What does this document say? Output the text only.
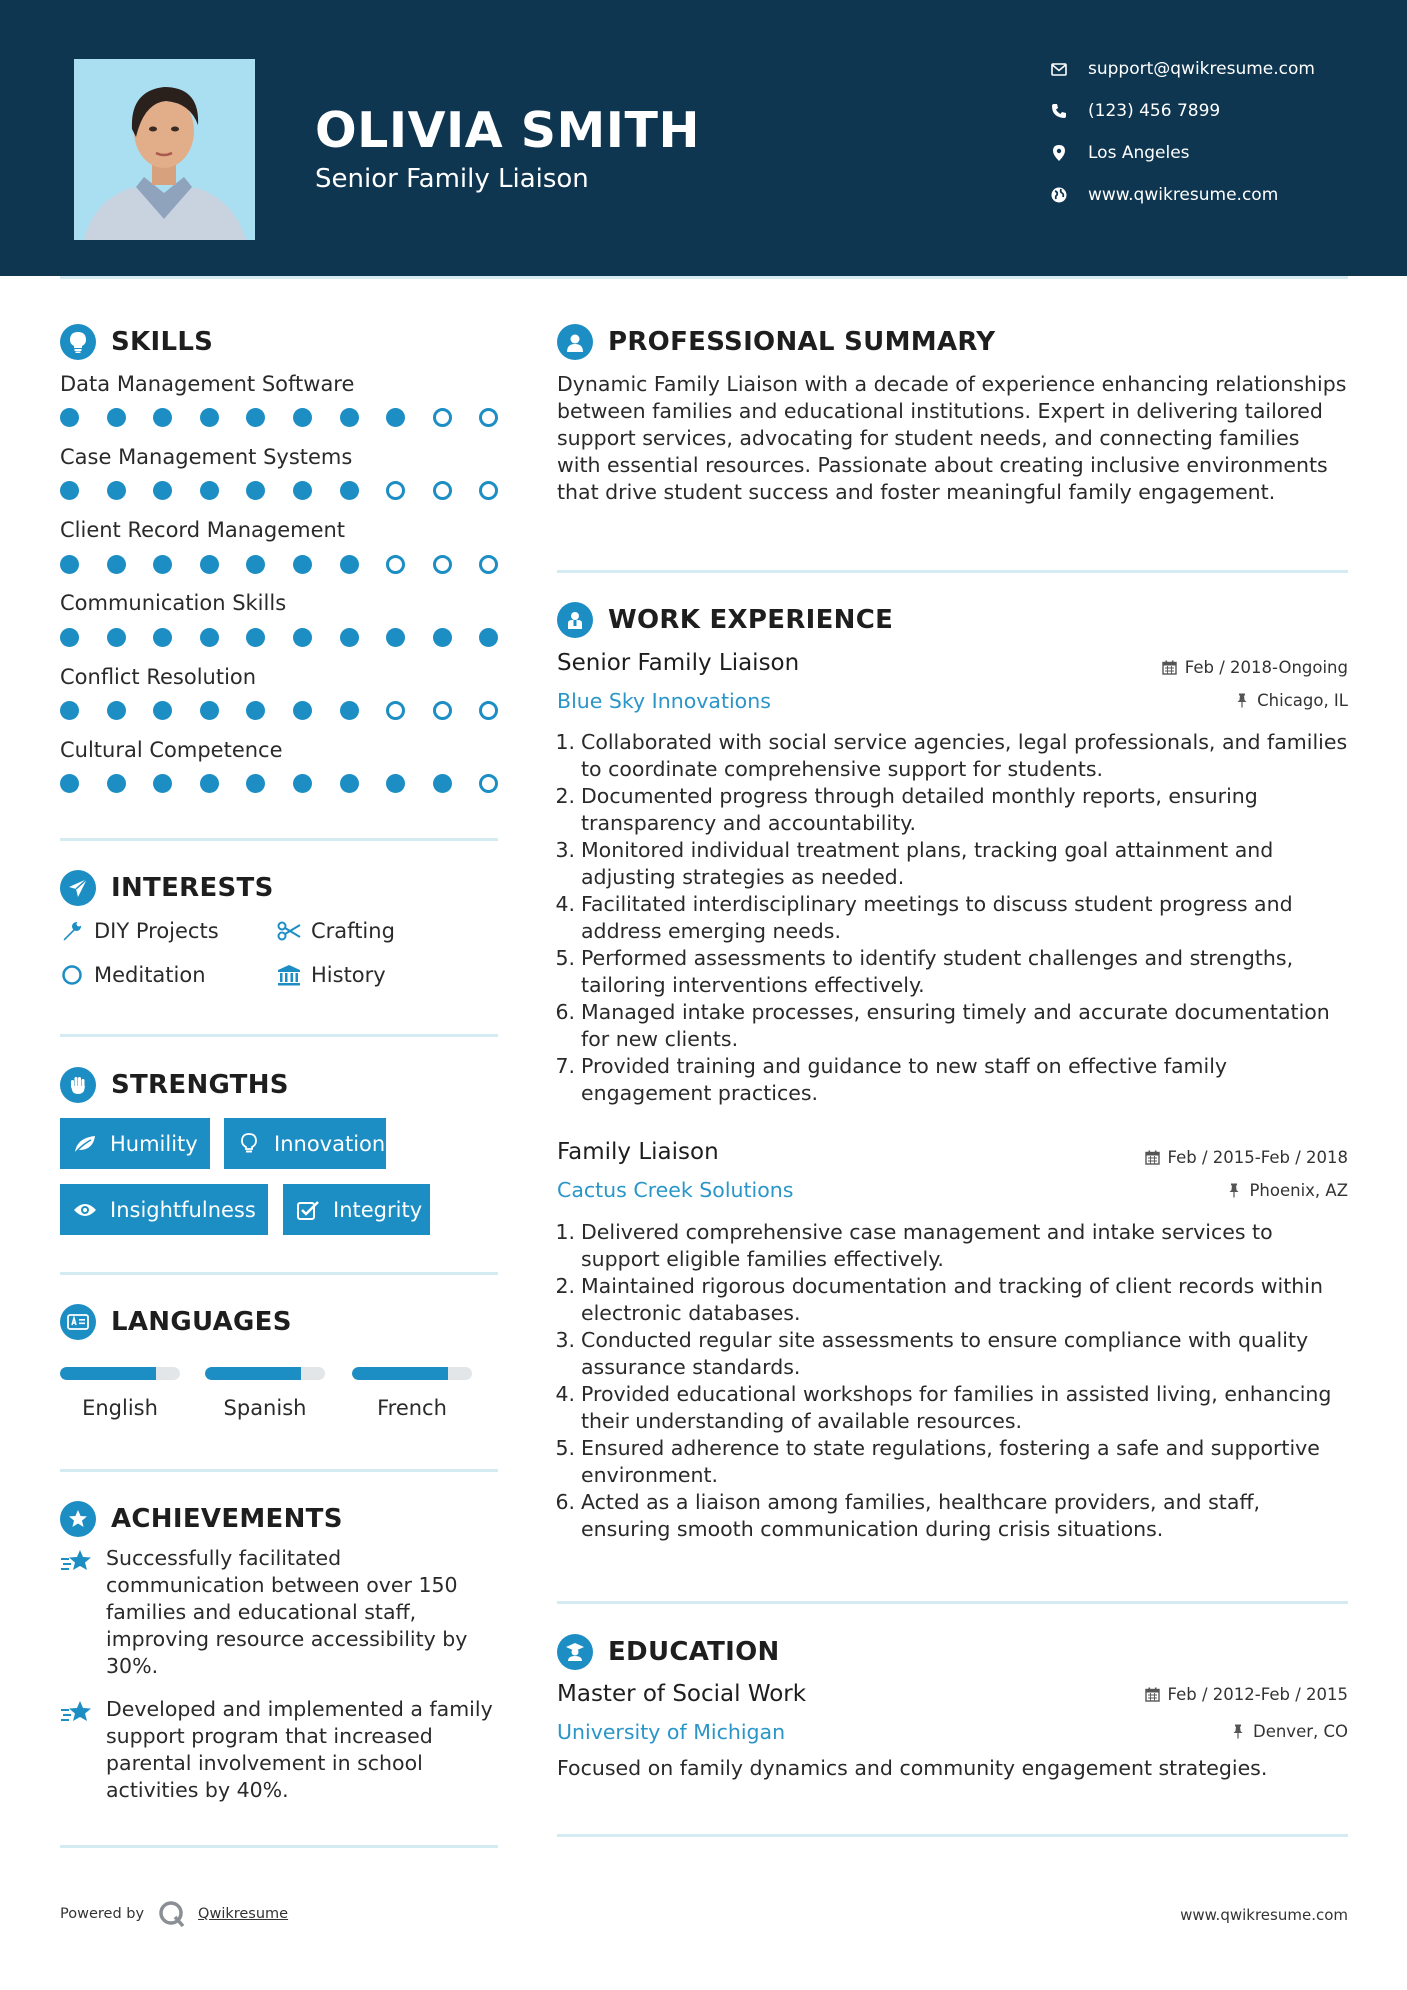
OLIVIA SMITH
Senior Family Liaison
support@qwikresume.com
(123) 456 7899
Los Angeles
www.qwikresume.com
SKILLS
Data Management Software
Case Management Systems
Client Record Management
Communication Skills
Conflict Resolution
Cultural Competence
INTERESTS
DIY Projects	Crafting
Meditation	History
STRENGTHS
Humility	Innovation
Insightfulness	Integrity
LANGUAGES
English	Spanish	French
ACHIEVEMENTS
Successfully facilitated communication between over 150 families and educational staff, improving resource accessibility by 30%.
Developed and implemented a family support program that increased parental involvement in school activities by 40%.
PROFESSIONAL SUMMARY
Dynamic Family Liaison with a decade of experience enhancing relationships between families and educational institutions. Expert in delivering tailored support services, advocating for student needs, and connecting families with essential resources. Passionate about creating inclusive environments that drive student success and foster meaningful family engagement.
WORK EXPERIENCE
Senior Family Liaison	Feb / 2018-Ongoing
Blue Sky Innovations	Chicago, IL
1. Collaborated with social service agencies, legal professionals, and families to coordinate comprehensive support for students.
2. Documented progress through detailed monthly reports, ensuring transparency and accountability.
3. Monitored individual treatment plans, tracking goal attainment and adjusting strategies as needed.
4. Facilitated interdisciplinary meetings to discuss student progress and address emerging needs.
5. Performed assessments to identify student challenges and strengths, tailoring interventions effectively.
6. Managed intake processes, ensuring timely and accurate documentation for new clients.
7. Provided training and guidance to new staff on effective family engagement practices.
Family Liaison	Feb / 2015-Feb / 2018
Cactus Creek Solutions	Phoenix, AZ
1. Delivered comprehensive case management and intake services to support eligible families effectively.
2. Maintained rigorous documentation and tracking of client records within electronic databases.
3. Conducted regular site assessments to ensure compliance with quality assurance standards.
4. Provided educational workshops for families in assisted living, enhancing their understanding of available resources.
5. Ensured adherence to state regulations, fostering a safe and supportive environment.
6. Acted as a liaison among families, healthcare providers, and staff, ensuring smooth communication during crisis situations.
EDUCATION
Master of Social Work	Feb / 2012-Feb / 2015
University of Michigan	Denver, CO
Focused on family dynamics and community engagement strategies.
Powered by	Qwikresume	www.qwikresume.com
